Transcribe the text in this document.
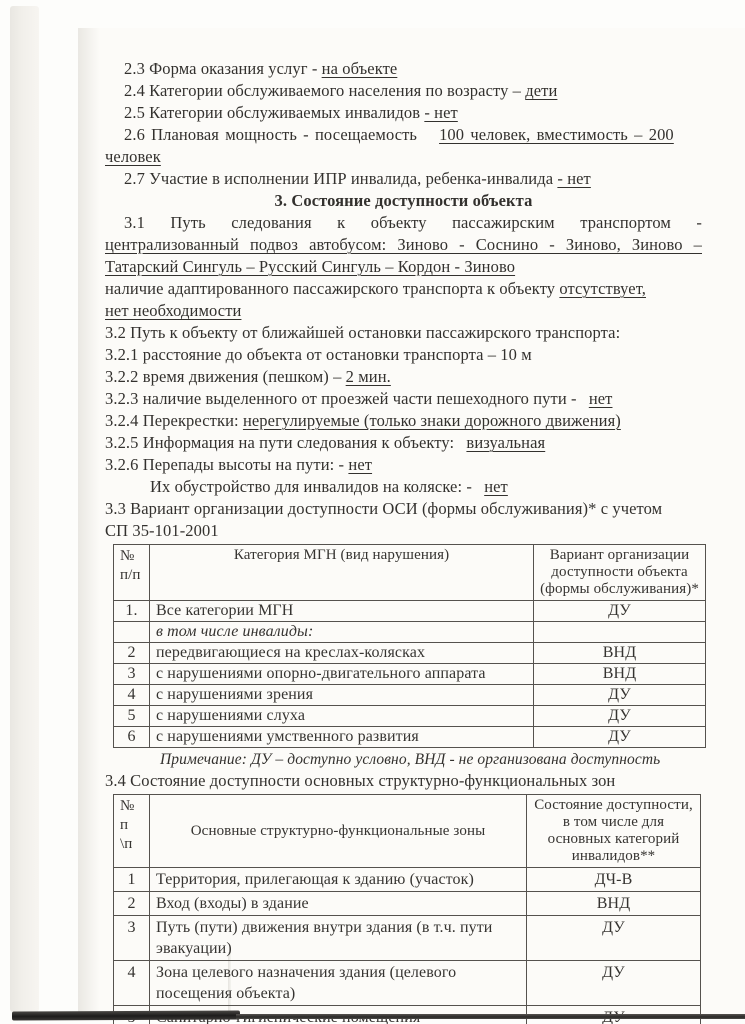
2.3 Форма оказания услуг - на объекте
2.4 Категории обслуживаемого населения по возрасту – дети
2.5 Категории обслуживаемых инвалидов - нет
2.6 Плановая мощность - посещаемость 100 человек, вместимость – 200
человек
2.7 Участие в исполнении ИПР инвалида, ребенка-инвалида - нет
3. Состояние доступности объекта
3.1 Путь следования к объекту пассажирским транспортом -
централизованный подвоз автобусом: Зиново - Соснино - Зиново, Зиново –
Татарский Сингуль – Русский Сингуль – Кордон - Зиново
наличие адаптированного пассажирского транспорта к объекту отсутствует,
нет необходимости
3.2 Путь к объекту от ближайшей остановки пассажирского транспорта:
3.2.1 расстояние до объекта от остановки транспорта – 10 м
3.2.2 время движения (пешком) – 2 мин.
3.2.3 наличие выделенного от проезжей части пешеходного пути - нет
3.2.4 Перекрестки: нерегулируемые (только знаки дорожного движения)
3.2.5 Информация на пути следования к объекту: визуальная
3.2.6 Перепады высоты на пути: - нет
Их обустройство для инвалидов на коляске: - нет
3.3 Вариант организации доступности ОСИ (формы обслуживания)* с учетом
СП 35-101-2001
№ п/п	Категория МГН (вид нарушения)	Вариант организации доступности объекта (формы обслуживания)*
1.	Все категории МГН	ДУ
	в том числе инвалиды:	
2	передвигающиеся на креслах-колясках	ВНД
3	с нарушениями опорно-двигательного аппарата	ВНД
4	с нарушениями зрения	ДУ
5	с нарушениями слуха	ДУ
6	с нарушениями умственного развития	ДУ
Примечание: ДУ – доступно условно, ВНД - не организована доступность
3.4 Состояние доступности основных структурно-функциональных зон
№ п \п	Основные структурно-функциональные зоны	Состояние доступности, в том числе для основных категорий инвалидов**
1	Территория, прилегающая к зданию (участок)	ДЧ-В
2	Вход (входы) в здание	ВНД
3	Путь (пути) движения внутри здания (в т.ч. пути эвакуации)	ДУ
4	Зона целевого назначения здания (целевого посещения объекта)	ДУ
